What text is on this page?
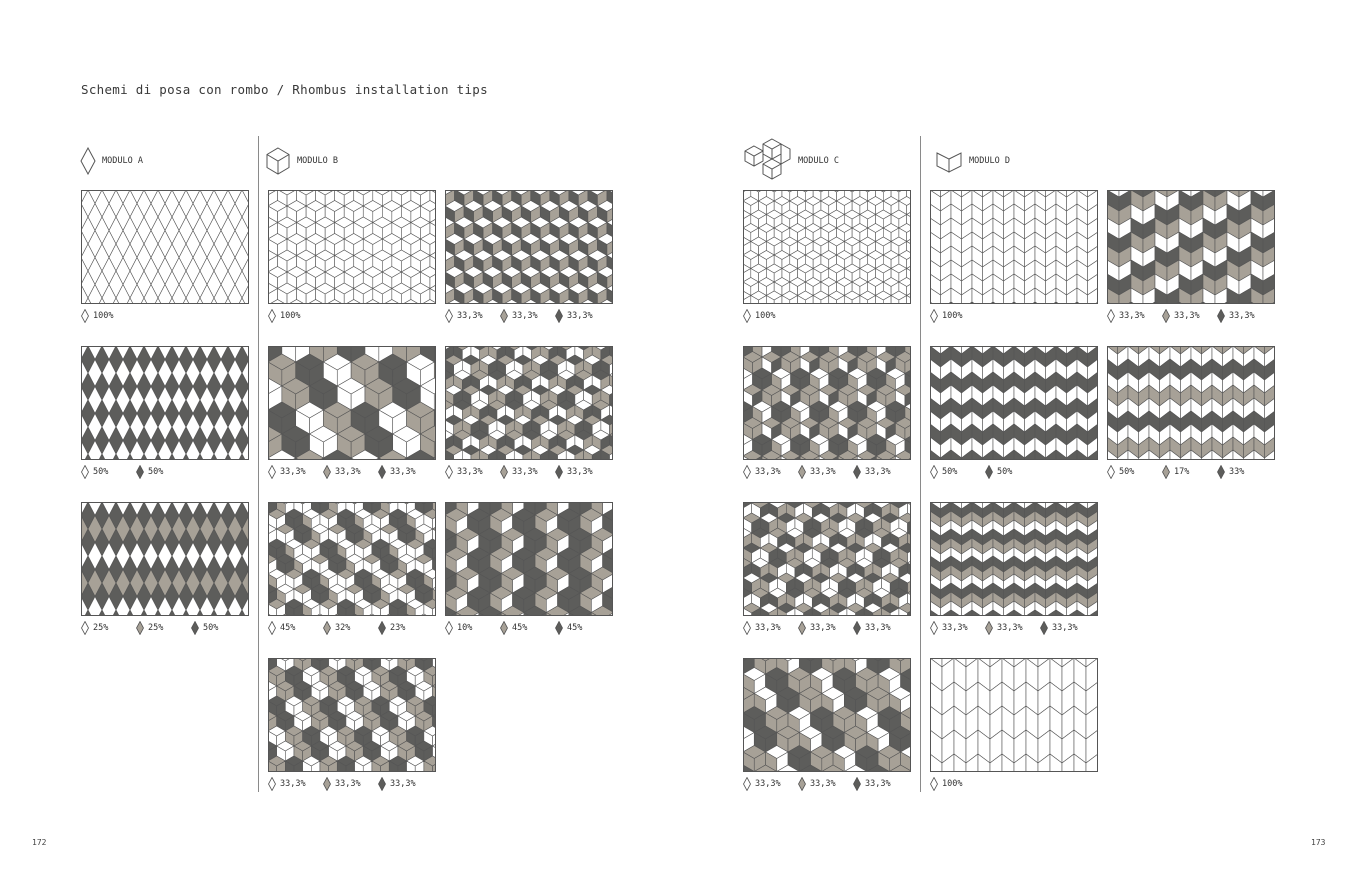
Schemi di posa con rombo / Rhombus installation tips
MODULO A	MODULO B	MODULO C	MODULO D
100%
50%	50%
25%	25%	50%
100%	33,3%	33,3%	33,3%
33,3%	33,3%	33,3%	33,3%	33,3%	33,3%
45%	32%	23%	10%	45%	45%
33,3%	33,3%	33,3%
100%
33,3%	33,3%	33,3%
33,3%	33,3%	33,3%
33,3%	33,3%	33,3%
100%	33,3%	33,3%	33,3%
50%	50%	50%	17%	33%
33,3%	33,3%	33,3%
100%
172	173
